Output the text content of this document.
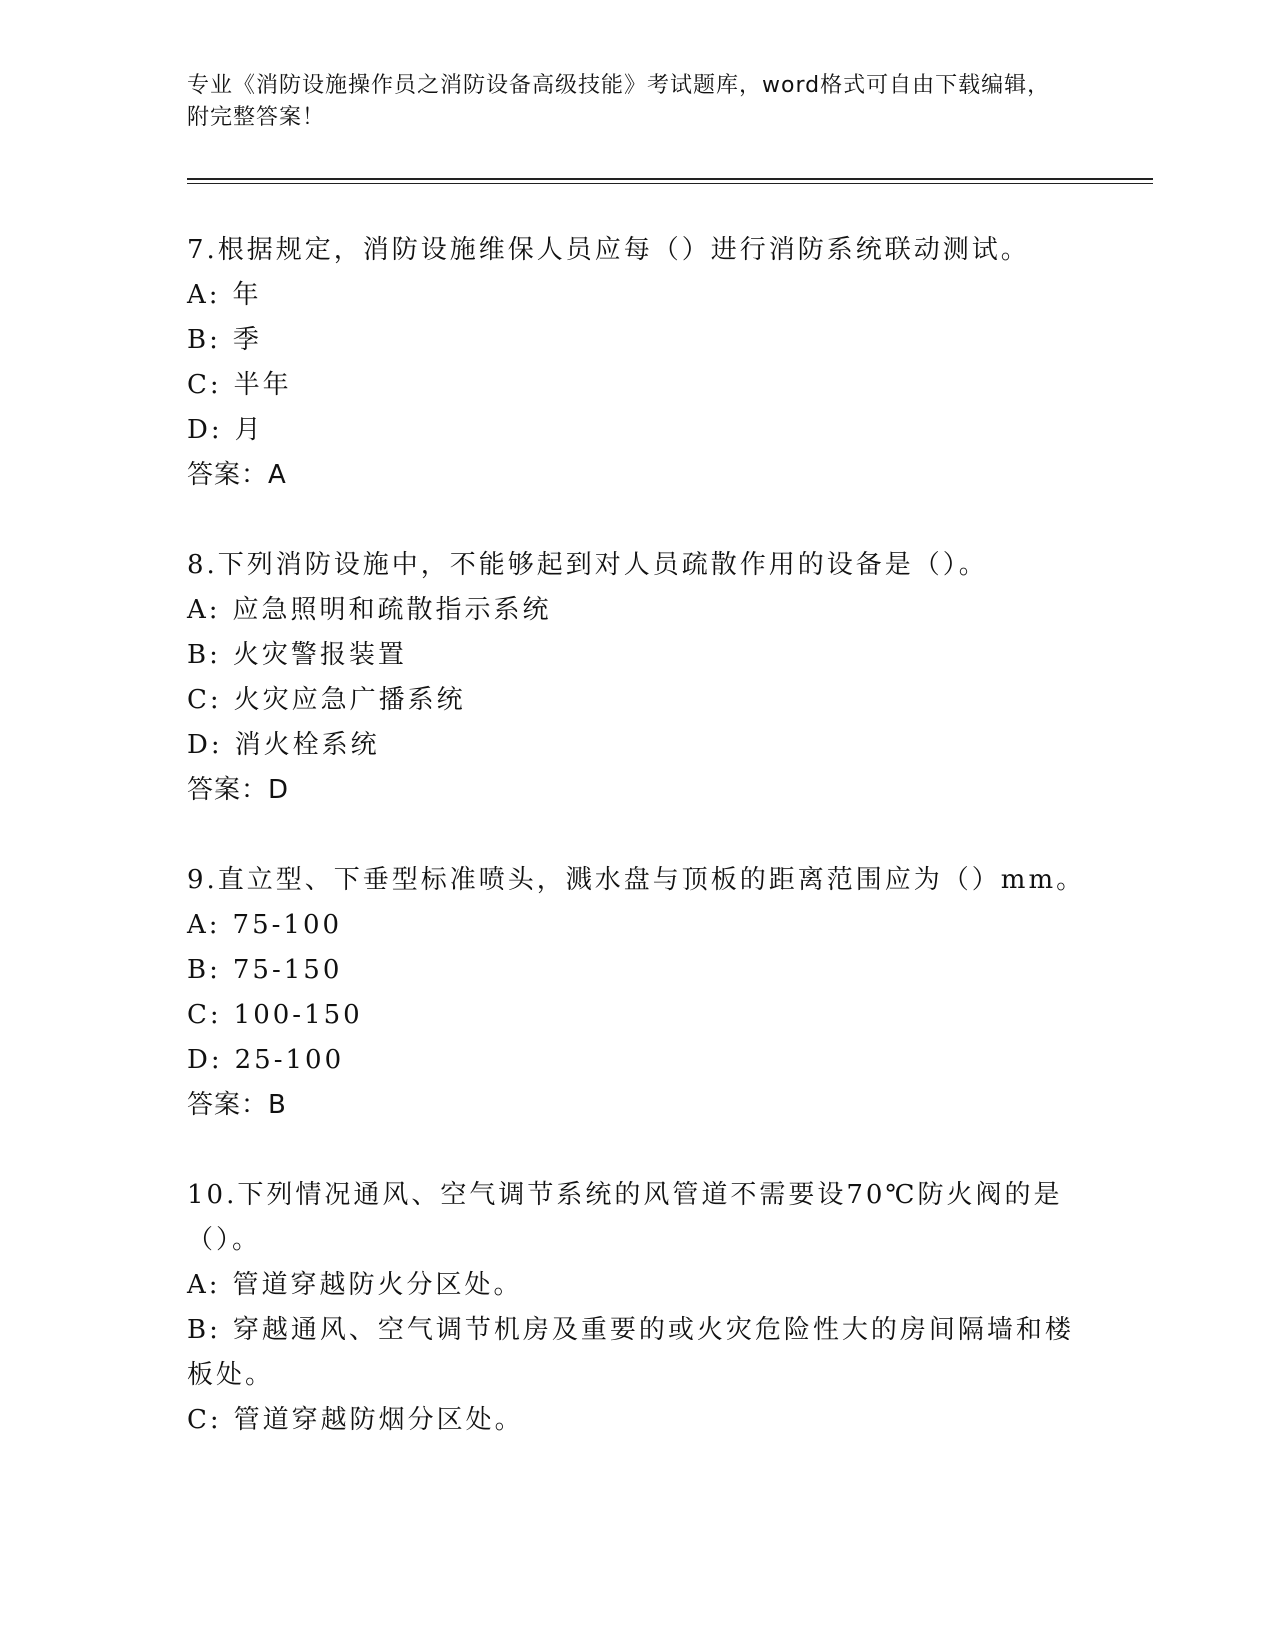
专业《消防设施操作员之消防设备高级技能》考试题库，word格式可自由下载编辑，附完整答案！

7.根据规定，消防设施维保人员应每（）进行消防系统联动测试。

A: 年

B: 季

C: 半年

D: 月

答案：A

8.下列消防设施中，不能够起到对人员疏散作用的设备是（）。

A: 应急照明和疏散指示系统

B: 火灾警报装置

C: 火灾应急广播系统

D: 消火栓系统

答案：D

9.直立型、下垂型标准喷头，溅水盘与顶板的距离范围应为（）mm。

A: 75-100

B: 75-150

C: 100-150

D: 25-100

答案：B

10.下列情况通风、空气调节系统的风管道不需要设70℃防火阀的是（）。

A: 管道穿越防火分区处。

B: 穿越通风、空气调节机房及重要的或火灾危险性大的房间隔墙和楼板处。

C: 管道穿越防烟分区处。
